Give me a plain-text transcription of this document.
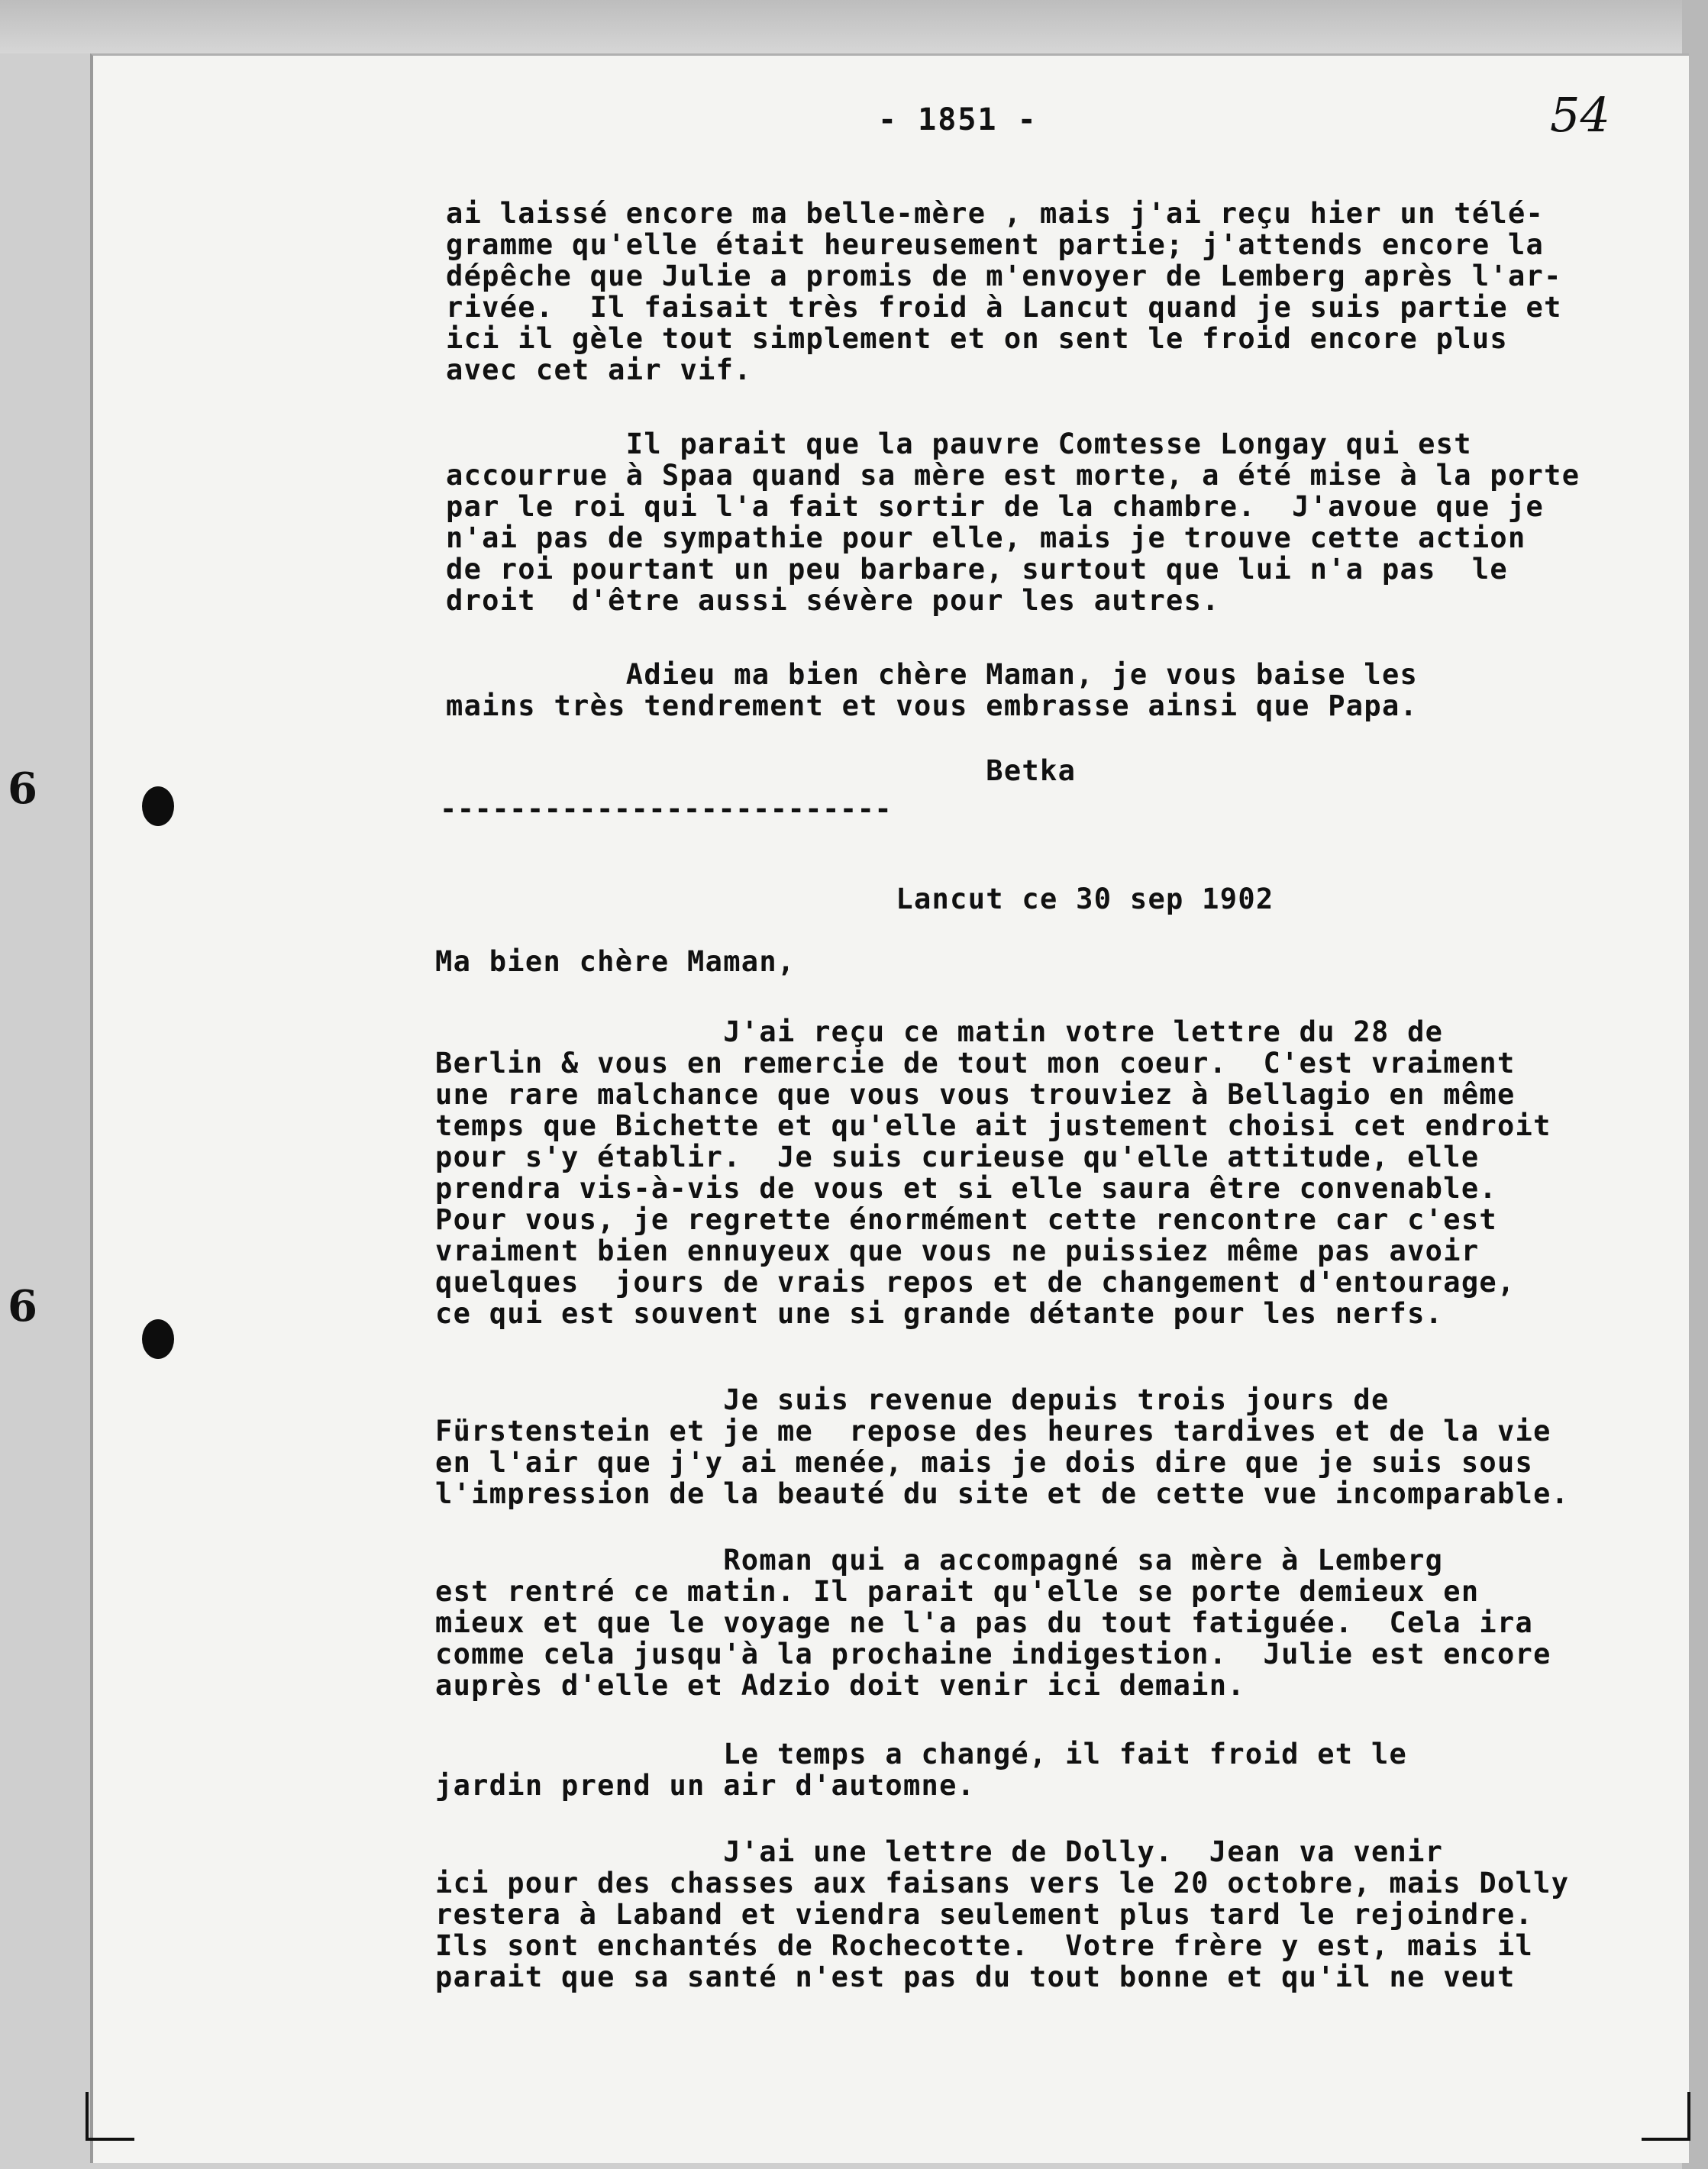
- 1851 -	54
6
6

ai laissé encore ma belle-mère , mais j'ai reçu hier un télé-
gramme qu'elle était heureusement partie; j'attends encore la
dépêche que Julie a promis de m'envoyer de Lemberg après l'ar-
rivée.  Il faisait très froid à Lancut quand je suis partie et
ici il gèle tout simplement et on sent le froid encore plus
avec cet air vif.

Il parait que la pauvre Comtesse Longay qui est
accourrue à Spaa quand sa mère est morte, a été mise à la porte
par le roi qui l'a fait sortir de la chambre.  J'avoue que je
n'ai pas de sympathie pour elle, mais je trouve cette action
de roi pourtant un peu barbare, surtout que lui n'a pas  le
droit  d'être aussi sévère pour les autres.

Adieu ma bien chère Maman, je vous baise les
mains très tendrement et vous embrasse ainsi que Papa.

Betka

--------------------------

Lancut ce 30 sep 1902

Ma bien chère Maman,

J'ai reçu ce matin votre lettre du 28 de
Berlin & vous en remercie de tout mon coeur.  C'est vraiment
une rare malchance que vous vous trouviez à Bellagio en même
temps que Bichette et qu'elle ait justement choisi cet endroit
pour s'y établir.  Je suis curieuse qu'elle attitude, elle
prendra vis-à-vis de vous et si elle saura être convenable.
Pour vous, je regrette énormément cette rencontre car c'est
vraiment bien ennuyeux que vous ne puissiez même pas avoir
quelques  jours de vrais repos et de changement d'entourage,
ce qui est souvent une si grande détante pour les nerfs.

Je suis revenue depuis trois jours de
Fürstenstein et je me  repose des heures tardives et de la vie
en l'air que j'y ai menée, mais je dois dire que je suis sous
l'impression de la beauté du site et de cette vue incomparable.

Roman qui a accompagné sa mère à Lemberg
est rentré ce matin. Il parait qu'elle se porte demieux en
mieux et que le voyage ne l'a pas du tout fatiguée.  Cela ira
comme cela jusqu'à la prochaine indigestion.  Julie est encore
auprès d'elle et Adzio doit venir ici demain.

Le temps a changé, il fait froid et le
jardin prend un air d'automne.

J'ai une lettre de Dolly.  Jean va venir
ici pour des chasses aux faisans vers le 20 octobre, mais Dolly
restera à Laband et viendra seulement plus tard le rejoindre.
Ils sont enchantés de Rochecotte.  Votre frère y est, mais il
parait que sa santé n'est pas du tout bonne et qu'il ne veut
